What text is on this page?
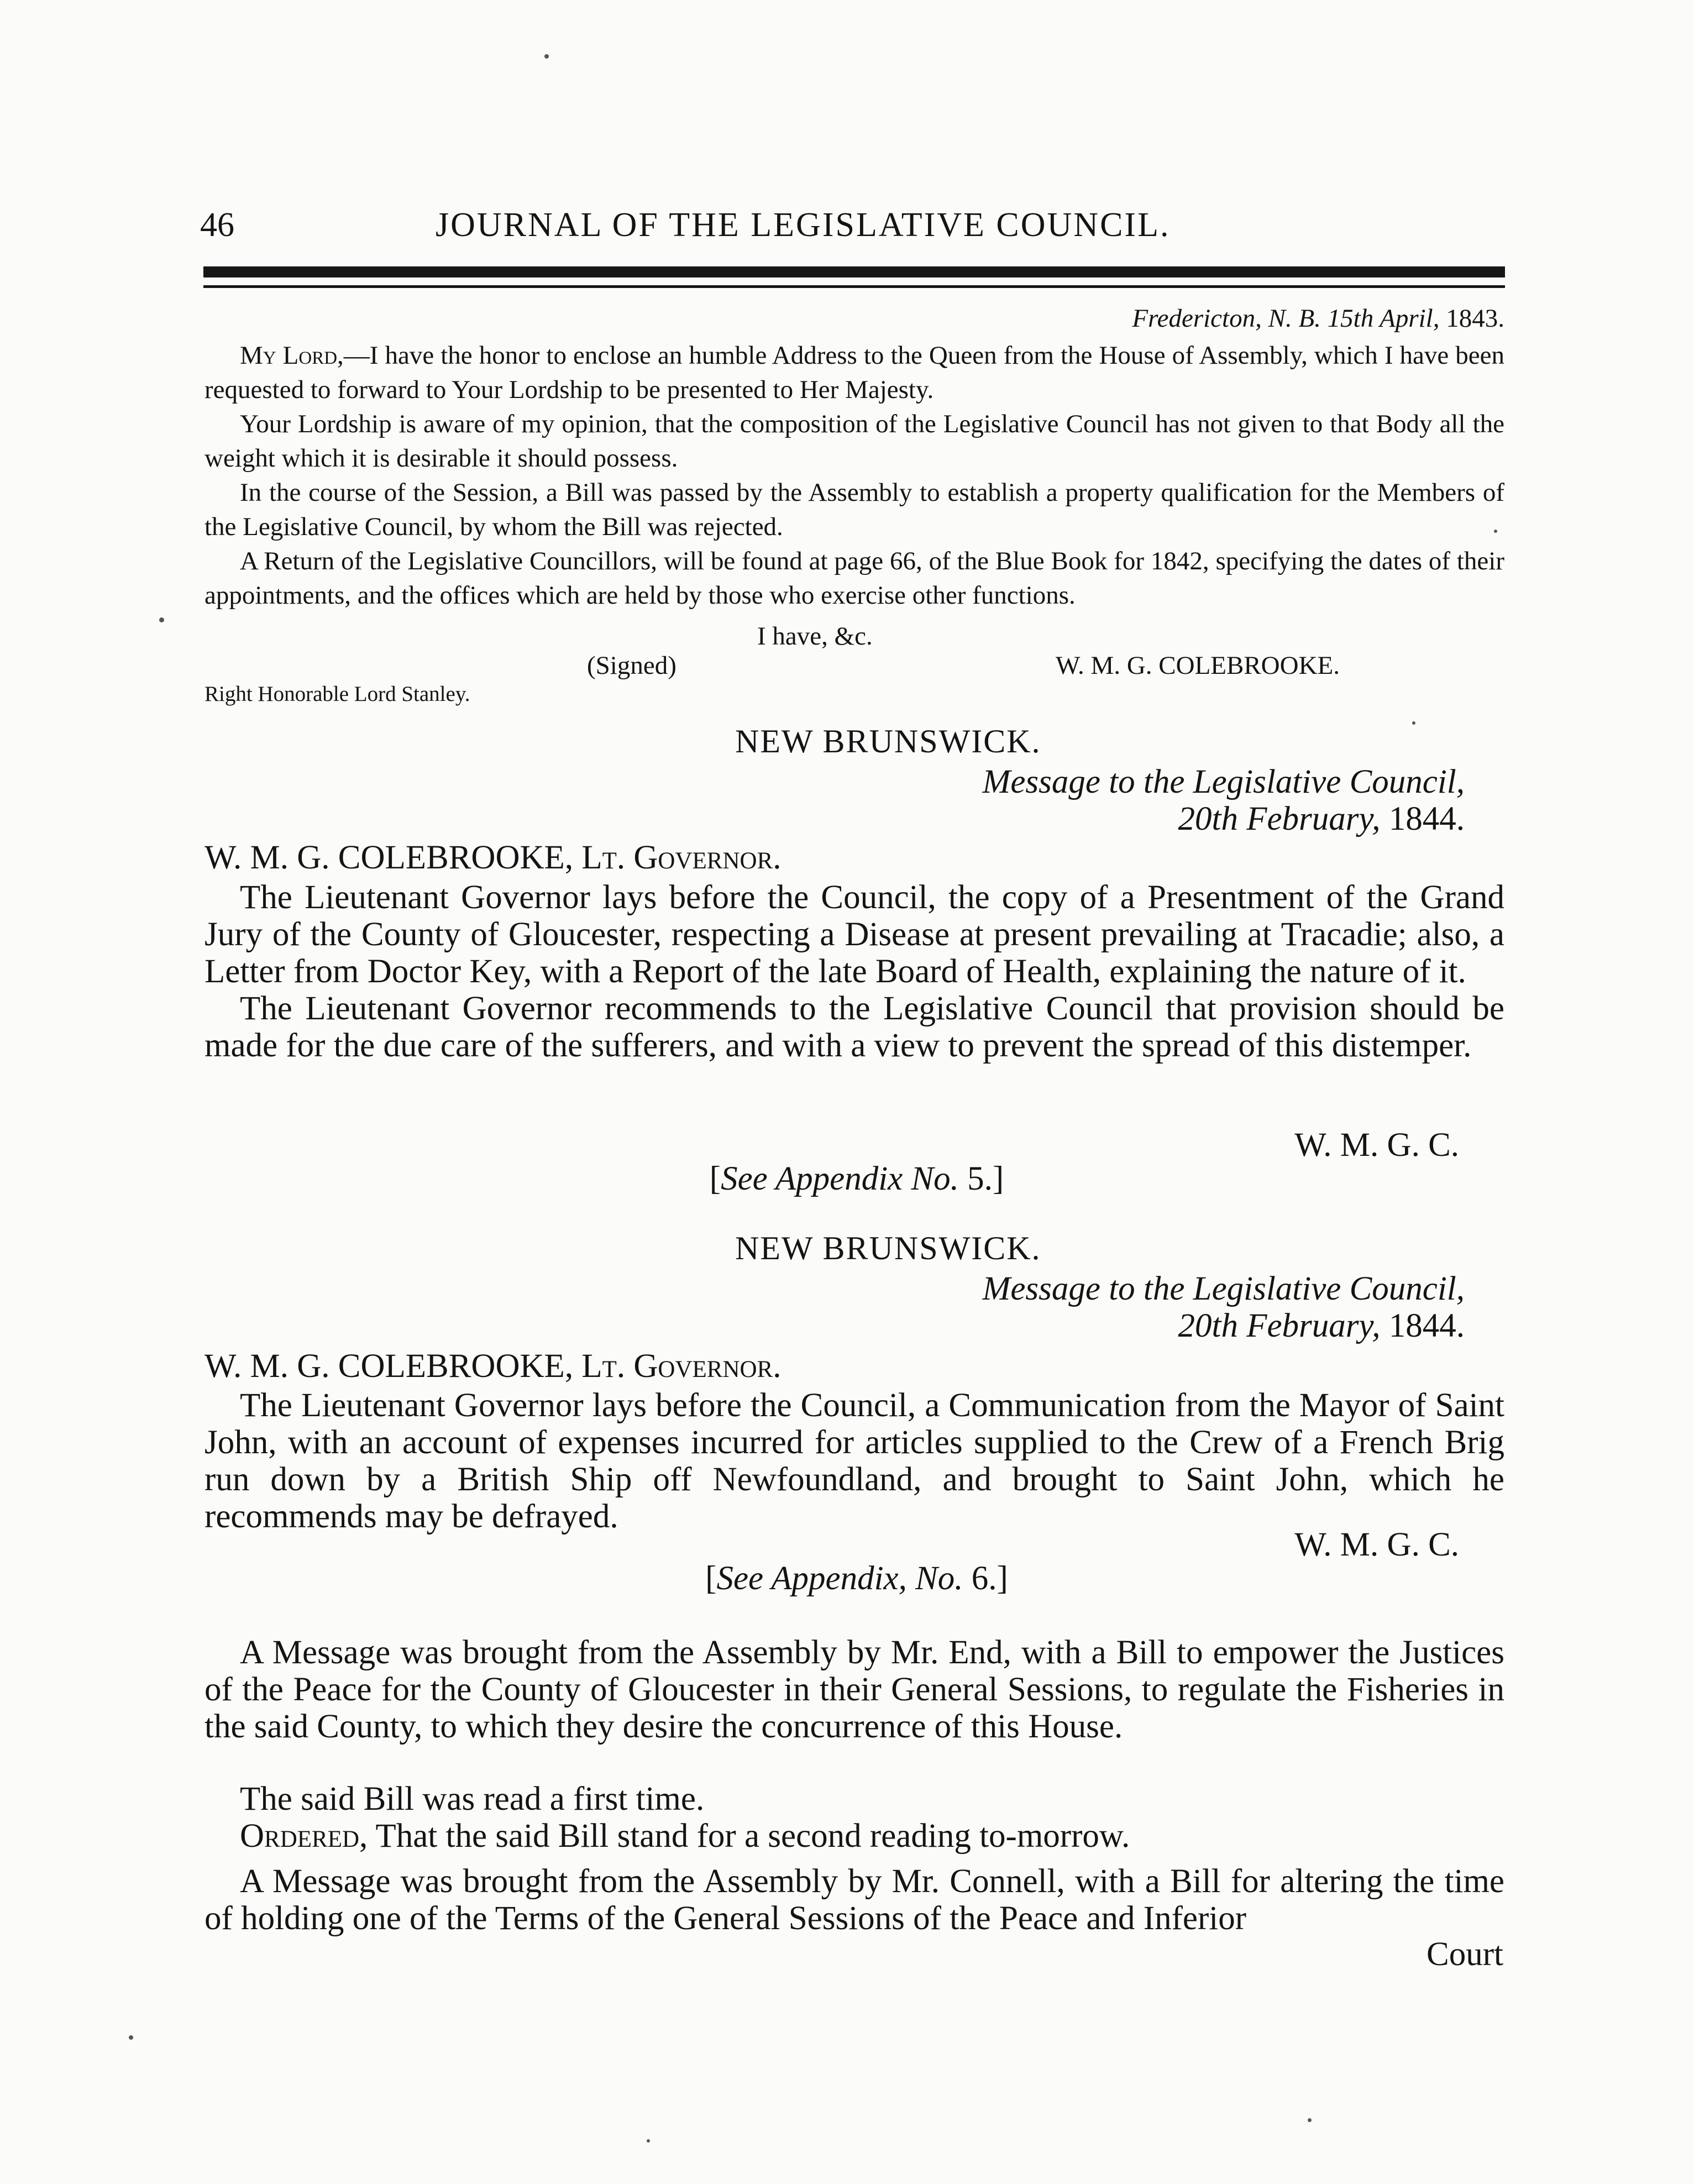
46	JOURNAL OF THE LEGISLATIVE COUNCIL.
Fredericton, N. B. 15th April, 1843.
My Lord,—I have the honor to enclose an humble Address to the Queen from the House of Assembly, which I have been requested to forward to Your Lordship to be presented to Her Majesty.
Your Lordship is aware of my opinion, that the composition of the Legislative Council has not given to that Body all the weight which it is desirable it should possess.
In the course of the Session, a Bill was passed by the Assembly to establish a property qualification for the Members of the Legislative Council, by whom the Bill was rejected.
A Return of the Legislative Councillors, will be found at page 66, of the Blue Book for 1842, specifying the dates of their appointments, and the offices which are held by those who exercise other functions.
I have, &c.
(Signed)	W. M. G. COLEBROOKE.
Right Honorable Lord Stanley.
NEW BRUNSWICK.
Message to the Legislative Council,
20th February, 1844.
W. M. G. COLEBROOKE, Lt. Governor.
The Lieutenant Governor lays before the Council, the copy of a Presentment of the Grand Jury of the County of Gloucester, respecting a Disease at present prevailing at Tracadie; also, a Letter from Doctor Key, with a Report of the late Board of Health, explaining the nature of it.
The Lieutenant Governor recommends to the Legislative Council that provision should be made for the due care of the sufferers, and with a view to prevent the spread of this distemper.
W. M. G. C.
[See Appendix No. 5.]
NEW BRUNSWICK.
Message to the Legislative Council,
20th February, 1844.
W. M. G. COLEBROOKE, Lt. Governor.
The Lieutenant Governor lays before the Council, a Communication from the Mayor of Saint John, with an account of expenses incurred for articles supplied to the Crew of a French Brig run down by a British Ship off Newfoundland, and brought to Saint John, which he recommends may be defrayed.
W. M. G. C.
[See Appendix, No. 6.]
A Message was brought from the Assembly by Mr. End, with a Bill to empower the Justices of the Peace for the County of Gloucester in their General Sessions, to regulate the Fisheries in the said County, to which they desire the concurrence of this House.
The said Bill was read a first time.
Ordered, That the said Bill stand for a second reading to-morrow.
A Message was brought from the Assembly by Mr. Connell, with a Bill for altering the time of holding one of the Terms of the General Sessions of the Peace and Inferior
Court
